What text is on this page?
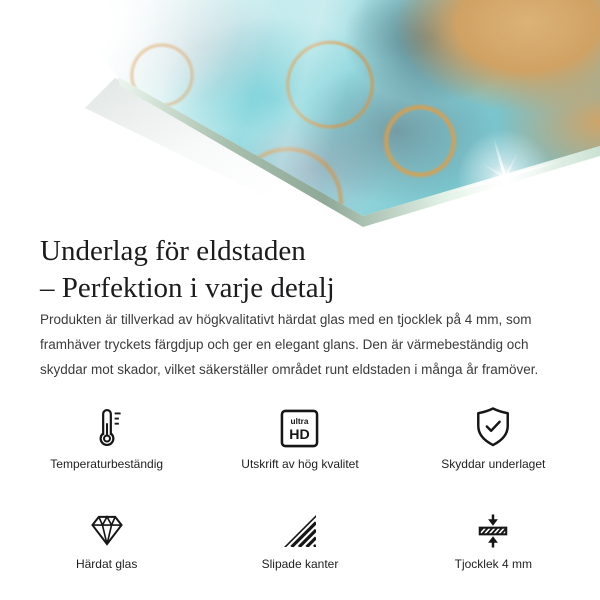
Underlag för eldstaden
– Perfektion i varje detalj
Produkten är tillverkad av högkvalitativt härdat glas med en tjocklek på 4 mm, som framhäver tryckets färgdjup och ger en elegant glans. Den är värmebeständig och skyddar mot skador, vilket säkerställer området runt eldstaden i många år framöver.
Temperaturbeständig
ultra
HD
Utskrift av hög kvalitet	Skyddar underlaget
Härdat glas	Slipade kanter	Tjocklek 4 mm
